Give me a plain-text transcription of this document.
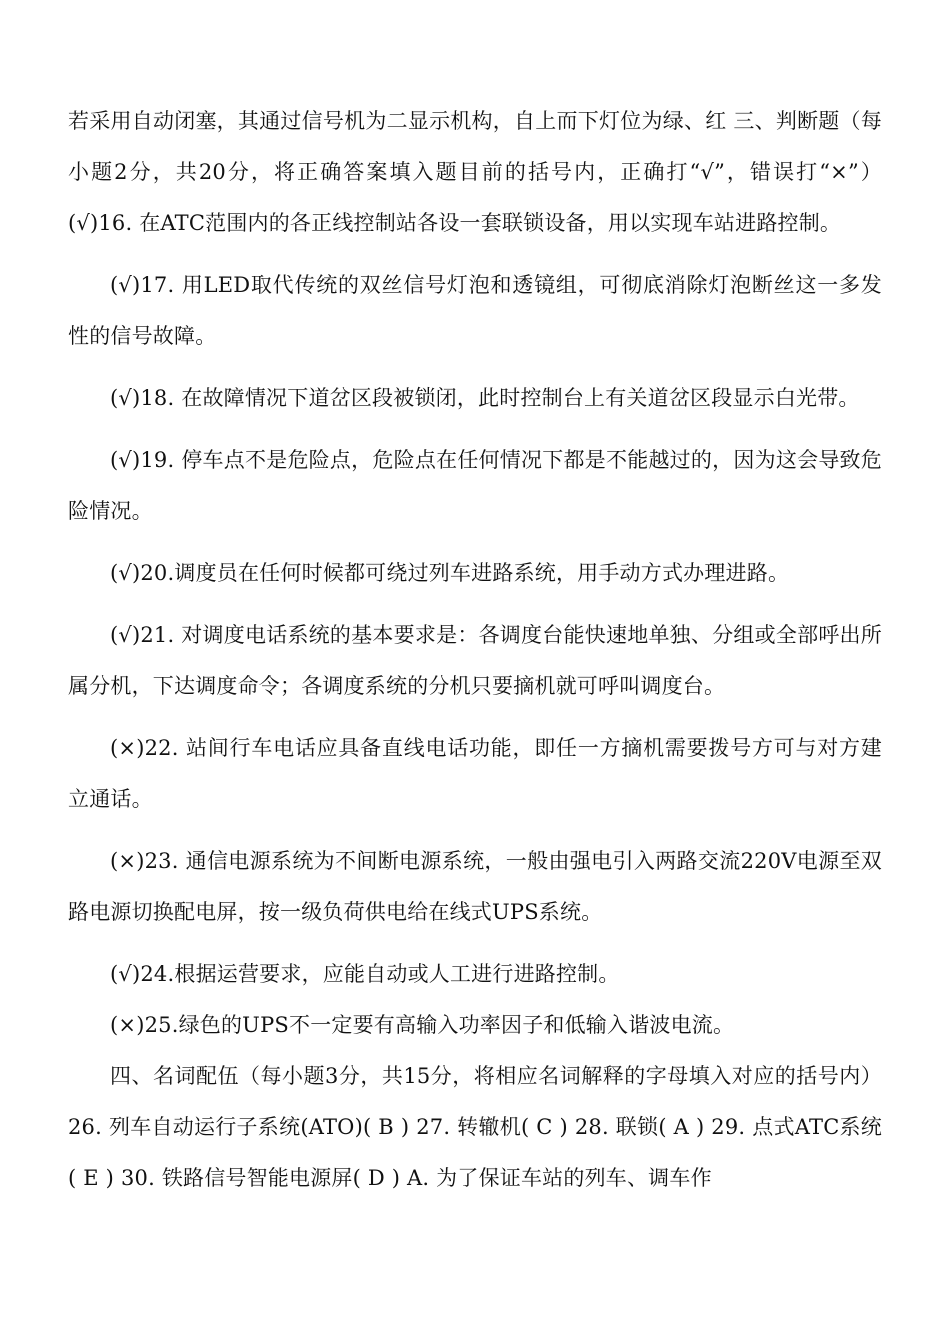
若采用自动闭塞，其通过信号机为二显示机构，自上而下灯位为绿、红 三、判断题（每小题2分，共20分，将正确答案填入题目前的括号内，正确打“√”，错误打“×”） (√)16. 在ATC范围内的各正线控制站各设一套联锁设备，用以实现车站进路控制。

(√)17. 用LED取代传统的双丝信号灯泡和透镜组，可彻底消除灯泡断丝这一多发性的信号故障。

(√)18. 在故障情况下道岔区段被锁闭，此时控制台上有关道岔区段显示白光带。

(√)19. 停车点不是危险点，危险点在任何情况下都是不能越过的，因为这会导致危险情况。

(√)20.调度员在任何时候都可绕过列车进路系统，用手动方式办理进路。

(√)21. 对调度电话系统的基本要求是：各调度台能快速地单独、分组或全部呼出所属分机，下达调度命令；各调度系统的分机只要摘机就可呼叫调度台。

(×)22. 站间行车电话应具备直线电话功能，即任一方摘机需要拨号方可与对方建立通话。

(×)23. 通信电源系统为不间断电源系统，一般由强电引入两路交流220V电源至双路电源切换配电屏，按一级负荷供电给在线式UPS系统。

(√)24.根据运营要求，应能自动或人工进行进路控制。

(×)25.绿色的UPS不一定要有高输入功率因子和低输入谐波电流。

四、名词配伍（每小题3分，共15分，将相应名词解释的字母填入对应的括号内） 26. 列车自动运行子系统(ATO)( B ) 27. 转辙机( C ) 28. 联锁( A ) 29. 点式ATC系统( E ) 30. 铁路信号智能电源屏( D ) A. 为了保证车站的列车、调车作
